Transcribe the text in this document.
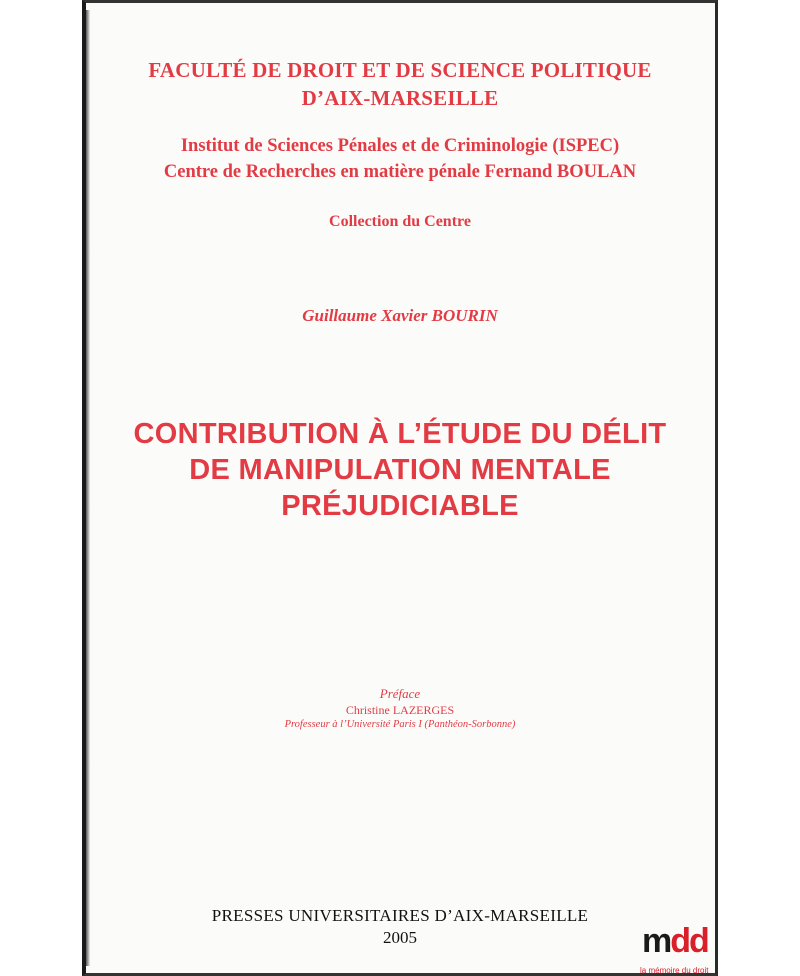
FACULTÉ DE DROIT ET DE SCIENCE POLITIQUE
D’AIX-MARSEILLE
Institut de Sciences Pénales et de Criminologie (ISPEC)
Centre de Recherches en matière pénale Fernand BOULAN
Collection du Centre
Guillaume Xavier BOURIN
CONTRIBUTION À L’ÉTUDE DU DÉLIT
DE MANIPULATION MENTALE
PRÉJUDICIABLE
Préface
Christine LAZERGES
Professeur à l’Université Paris I (Panthéon-Sorbonne)
PRESSES UNIVERSITAIRES D’AIX-MARSEILLE
2005	mdd
la mémoire du droit
